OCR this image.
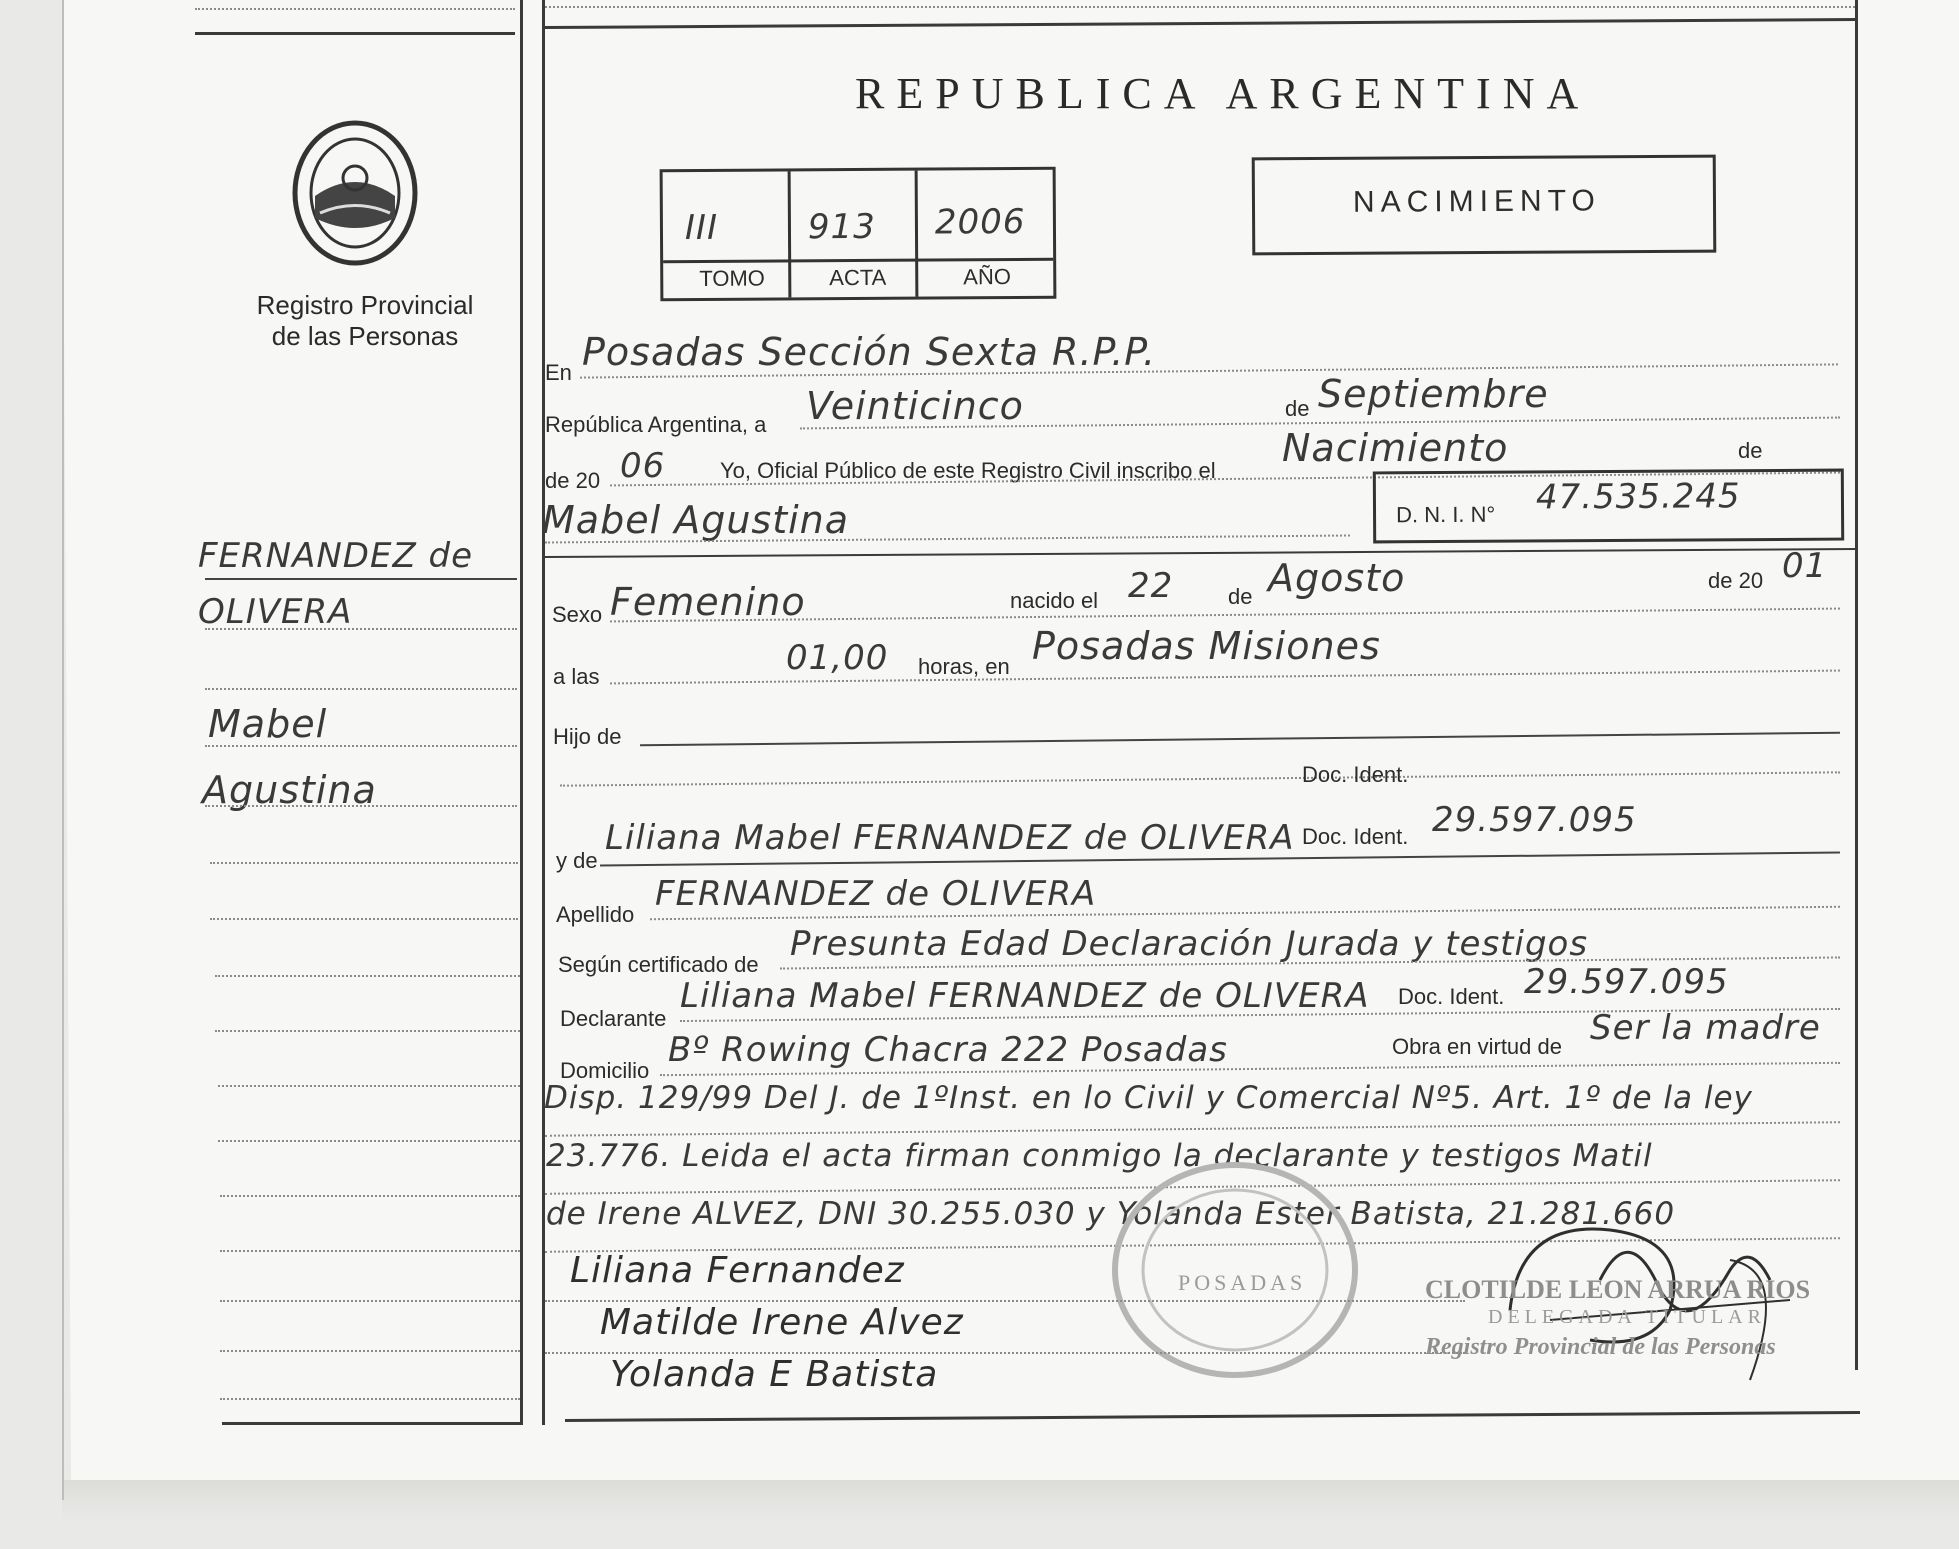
Registro Provincial
de las Personas
REPUBLICA ARGENTINA
III	913 2006
TOMO	ACTA	AÑO
NACIMIENTO
FERNANDEZ de
OLIVERA
Mabel
Agustina
En Posadas Sección Sexta R.P.P.
República Argentina, a Veinticinco	de Septiembre
de 20 06 Yo, Oficial Público de este Registro Civil inscribo el
Nacimiento	de
Mabel Agustina	D. N. I. N° 47.535.245
Sexo Femenino	nacido el 22 de Agosto	de 20 01
a las	01,00 horas, en Posadas Misiones
Hijo de
Doc. Ident.
y de
Liliana Mabel FERNANDEZ de OLIVERA Doc. Ident. 29.597.095
Apellido
FERNANDEZ de OLIVERA
Según certificado de
Presunta Edad Declaración Jurada y testigos
Declarante
Liliana Mabel FERNANDEZ de OLIVERA Doc. Ident. 29.597.095
Domicilio
Bº Rowing Chacra 222 Posadas	Obra en virtud de Ser la madre
Disp. 129/99 Del J. de 1ºInst. en lo Civil y Comercial Nº5. Art. 1º de la ley
23.776. Leida el acta firman conmigo la declarante y testigos Matil
de Irene ALVEZ, DNI 30.255.030 y Yolanda Ester Batista, 21.281.660
POSADAS
Liliana Fernandez
Matilde Irene Alvez
Yolanda E Batista
CLOTILDE LEON ARRUA RIOS
DELEGADA TITULAR
Registro Provincial de las Personas
